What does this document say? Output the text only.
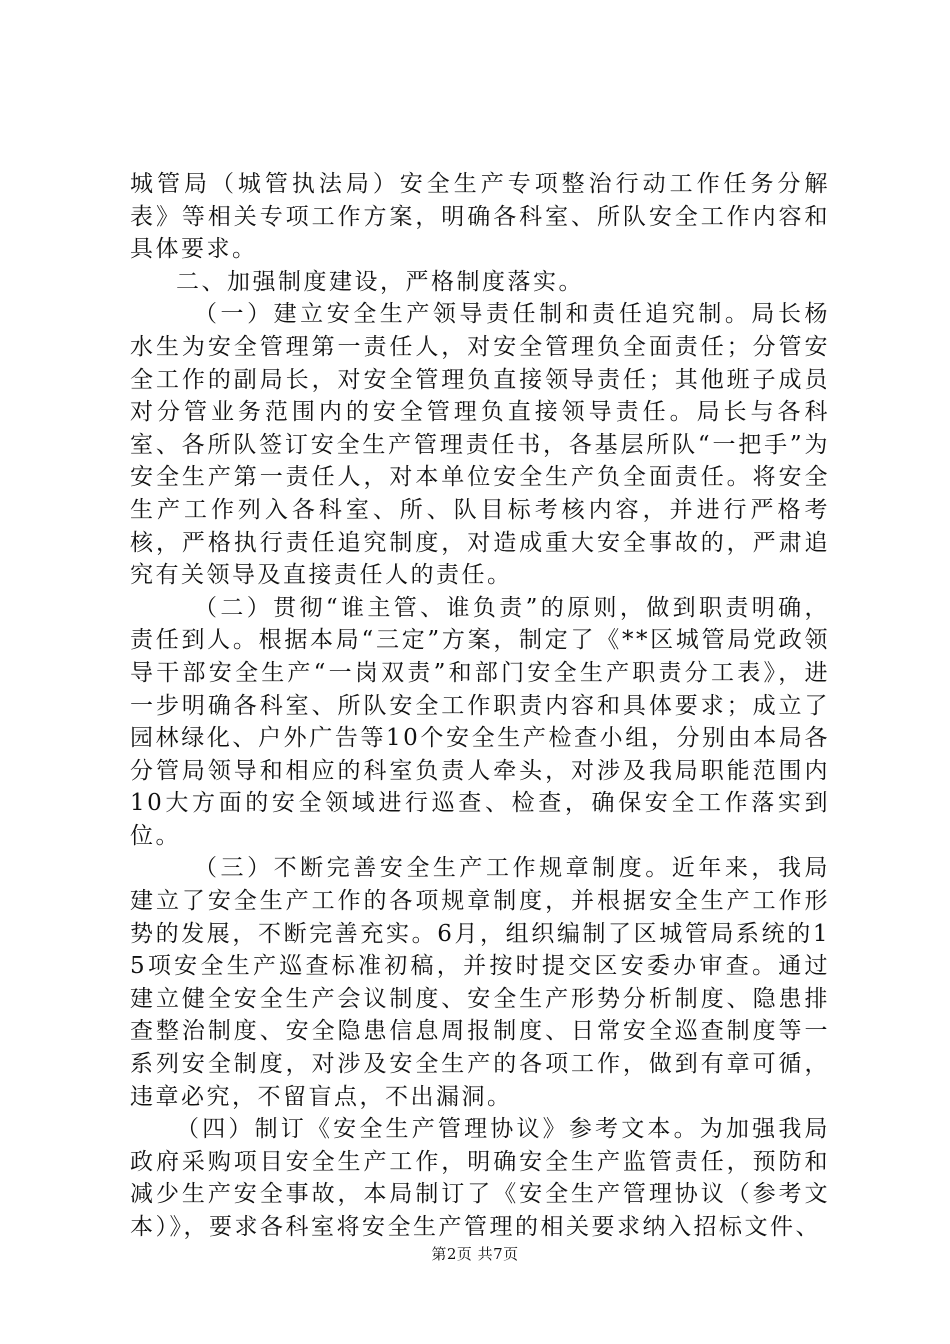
城管局（城管执法局）安全生产专项整治行动工作任务分解表》等相关专项工作方案，明确各科室、所队安全工作内容和具体要求。

二、加强制度建设，严格制度落实。

（一）建立安全生产领导责任制和责任追究制。局长杨水生为安全管理第一责任人，对安全管理负全面责任；分管安全工作的副局长，对安全管理负直接领导责任；其他班子成员对分管业务范围内的安全管理负直接领导责任。局长与各科室、各所队签订安全生产管理责任书，各基层所队“一把手”为安全生产第一责任人，对本单位安全生产负全面责任。将安全生产工作列入各科室、所、队目标考核内容，并进行严格考核，严格执行责任追究制度，对造成重大安全事故的，严肃追究有关领导及直接责任人的责任。

（二）贯彻“谁主管、谁负责”的原则，做到职责明确，责任到人。根据本局“三定”方案，制定了《**区城管局党政领导干部安全生产“一岗双责”和部门安全生产职责分工表》，进一步明确各科室、所队安全工作职责内容和具体要求；成立了园林绿化、户外广告等10个安全生产检查小组，分别由本局各分管局领导和相应的科室负责人牵头，对涉及我局职能范围内10大方面的安全领域进行巡查、检查，确保安全工作落实到位。

（三）不断完善安全生产工作规章制度。近年来，我局建立了安全生产工作的各项规章制度，并根据安全生产工作形势的发展，不断完善充实。6月，组织编制了区城管局系统的15项安全生产巡查标准初稿，并按时提交区安委办审查。通过建立健全安全生产会议制度、安全生产形势分析制度、隐患排查整治制度、安全隐患信息周报制度、日常安全巡查制度等一系列安全制度，对涉及安全生产的各项工作，做到有章可循，违章必究，不留盲点，不出漏洞。

（四）制订《安全生产管理协议》参考文本。为加强我局政府采购项目安全生产工作，明确安全生产监管责任，预防和减少生产安全事故，本局制订了《安全生产管理协议（参考文本）》，要求各科室将安全生产管理的相关要求纳入招标文件、

第2页 共7页
